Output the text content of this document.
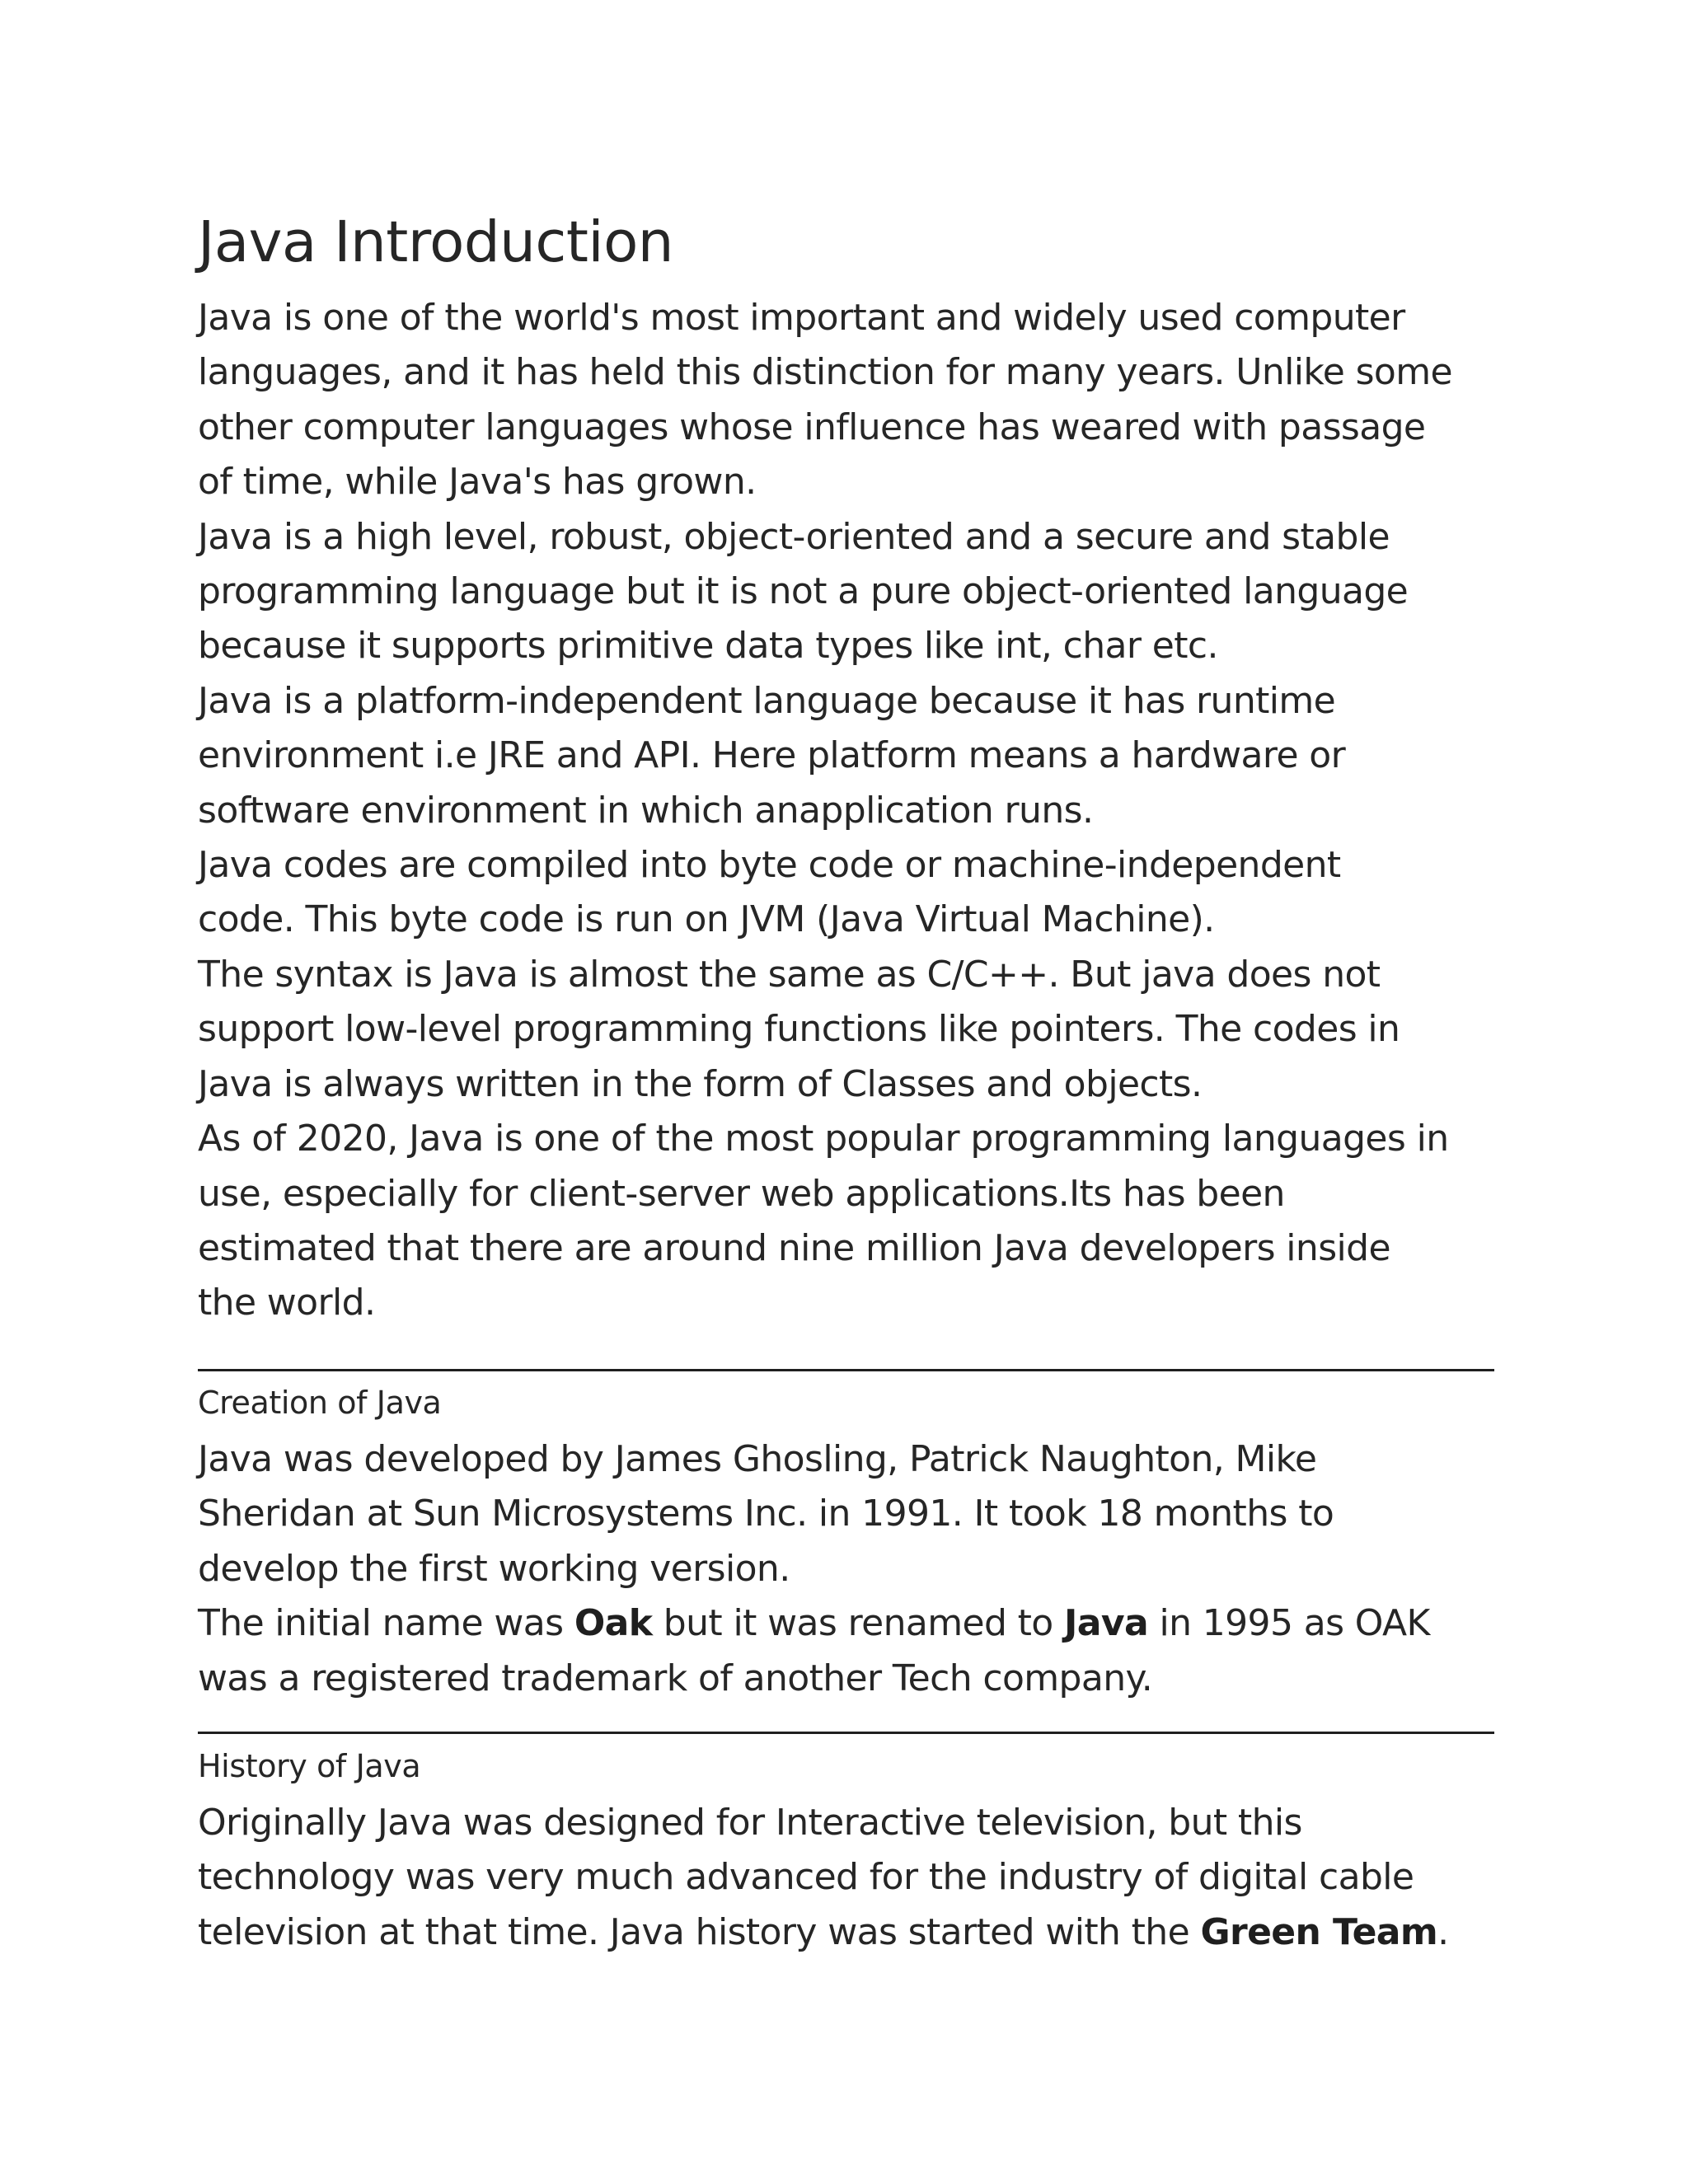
Java Introduction
Java is one of the world's most important and widely used computer
languages, and it has held this distinction for many years. Unlike some
other computer languages whose influence has weared with passage
of time, while Java's has grown.
Java is a high level, robust, object-oriented and a secure and stable
programming language but it is not a pure object-oriented language
because it supports primitive data types like int, char etc.
Java is a platform-independent language because it has runtime
environment i.e JRE and API. Here platform means a hardware or
software environment in which anapplication runs.
Java codes are compiled into byte code or machine-independent
code. This byte code is run on JVM (Java Virtual Machine).
The syntax is Java is almost the same as C/C++. But java does not
support low-level programming functions like pointers. The codes in
Java is always written in the form of Classes and objects.
As of 2020, Java is one of the most popular programming languages in
use, especially for client-server web applications.Its has been
estimated that there are around nine million Java developers inside
the world.
Creation of Java
Java was developed by James Ghosling, Patrick Naughton, Mike
Sheridan at Sun Microsystems Inc. in 1991. It took 18 months to
develop the first working version.
The initial name was Oak but it was renamed to Java in 1995 as OAK
was a registered trademark of another Tech company.
History of Java
Originally Java was designed for Interactive television, but this
technology was very much advanced for the industry of digital cable
television at that time. Java history was started with the Green Team.
